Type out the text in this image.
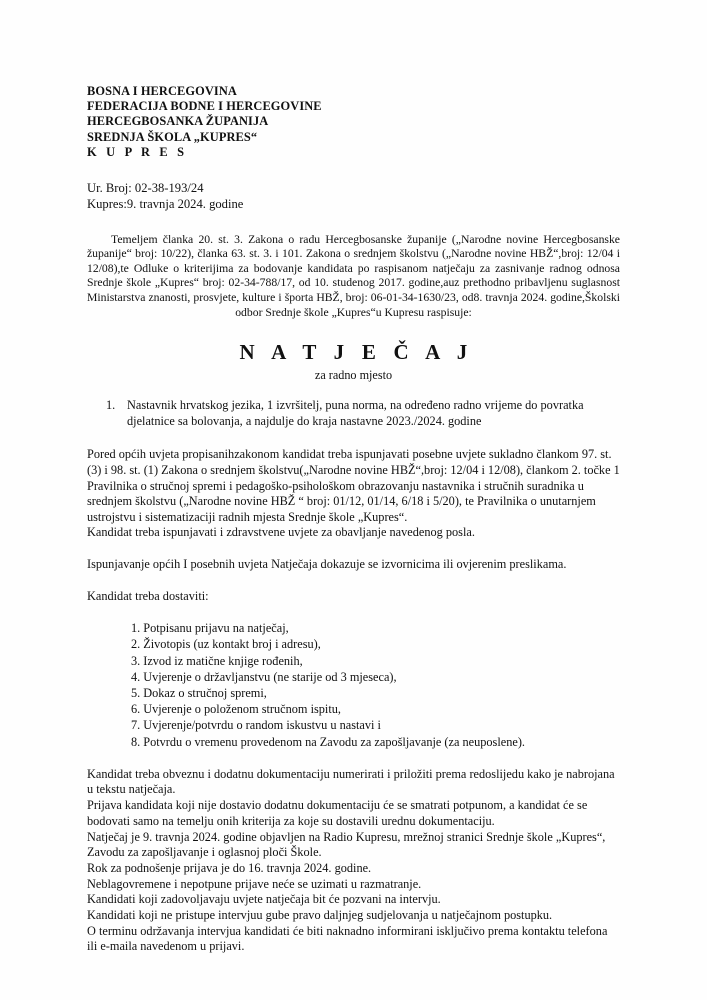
BOSNA I HERCEGOVINA
FEDERACIJA BODNE I HERCEGOVINE
HERCEGBOSANKA ŽUPANIJA
SREDNJA ŠKOLA „KUPRES“
K U P R E S
Ur. Broj: 02-38-193/24
Kupres:9. travnja 2024. godine
Temeljem članka 20. st. 3. Zakona o radu Hercegbosanske županije („Narodne novine Hercegbosanske županije“ broj: 10/22), članka 63. st. 3. i 101. Zakona o srednjem školstvu („Narodne novine HBŽ“,broj: 12/04 i 12/08),te Odluke o kriterijima za bodovanje kandidata po raspisanom natječaju za zasnivanje radnog odnosa Srednje škole „Kupres“ broj: 02-34-788/17, od 10. studenog 2017. godine,auz prethodno pribavljenu suglasnost Ministarstva znanosti, prosvjete, kulture i športa HBŽ, broj: 06-01-34-1630/23, od8. travnja 2024. godine,Školski odbor Srednje škole „Kupres“u Kupresu raspisuje:
N A T J E Č A J
za radno mjesto
1. Nastavnik hrvatskog jezika, 1 izvršitelj, puna norma, na određeno radno vrijeme do povratka djelatnice sa bolovanja, a najdulje do kraja nastavne 2023./2024. godine
Pored općih uvjeta propisanihzakonom kandidat treba ispunjavati posebne uvjete sukladno člankom 97. st. (3) i 98. st. (1) Zakona o srednjem školstvu(„Narodne novine HBŽ“,broj: 12/04 i 12/08), člankom 2. točke 1 Pravilnika o stručnoj spremi i pedagoško-psihološkom obrazovanju nastavnika i stručnih suradnika u srednjem školstvu („Narodne novine HBŽ “ broj: 01/12, 01/14, 6/18 i 5/20), te Pravilnika o unutarnjem ustrojstvu i sistematizaciji radnih mjesta Srednje škole „Kupres“.
Kandidat treba ispunjavati i zdravstvene uvjete za obavljanje navedenog posla.
Ispunjavanje općih I posebnih uvjeta Natječaja dokazuje se izvornicima ili ovjerenim preslikama.
Kandidat treba dostaviti:
1. Potpisanu prijavu na natječaj,
2. Životopis (uz kontakt broj i adresu),
3. Izvod iz matične knjige rođenih,
4. Uvjerenje o državljanstvu (ne starije od 3 mjeseca),
5. Dokaz o stručnoj spremi,
6. Uvjerenje o položenom stručnom ispitu,
7. Uvjerenje/potvrdu o random iskustvu u nastavi i
8. Potvrdu o vremenu provedenom na Zavodu za zapošljavanje (za neuposlene).

Kandidat treba obveznu i dodatnu dokumentaciju numerirati i priložiti prema redoslijedu kako je nabrojana u tekstu natječaja.

Prijava kandidata koji nije dostavio dodatnu dokumentaciju će se smatrati potpunom, a kandidat će se bodovati samo na temelju onih kriterija za koje su dostavili urednu dokumentaciju.

Natječaj je 9. travnja 2024. godine objavljen na Radio Kupresu, mrežnoj stranici Srednje škole „Kupres“, Zavodu za zapošljavanje i oglasnoj ploči Škole.

Rok za podnošenje prijava je do 16. travnja 2024. godine.

Neblagovremene i nepotpune prijave neće se uzimati u razmatranje.

Kandidati koji zadovoljavaju uvjete natječaja bit će pozvani na intervju.

Kandidati koji ne pristupe intervjuu gube pravo daljnjeg sudjelovanja u natječajnom postupku.

O terminu održavanja intervjua kandidati će biti naknadno informirani isključivo prema kontaktu telefona ili e-maila navedenom u prijavi.
